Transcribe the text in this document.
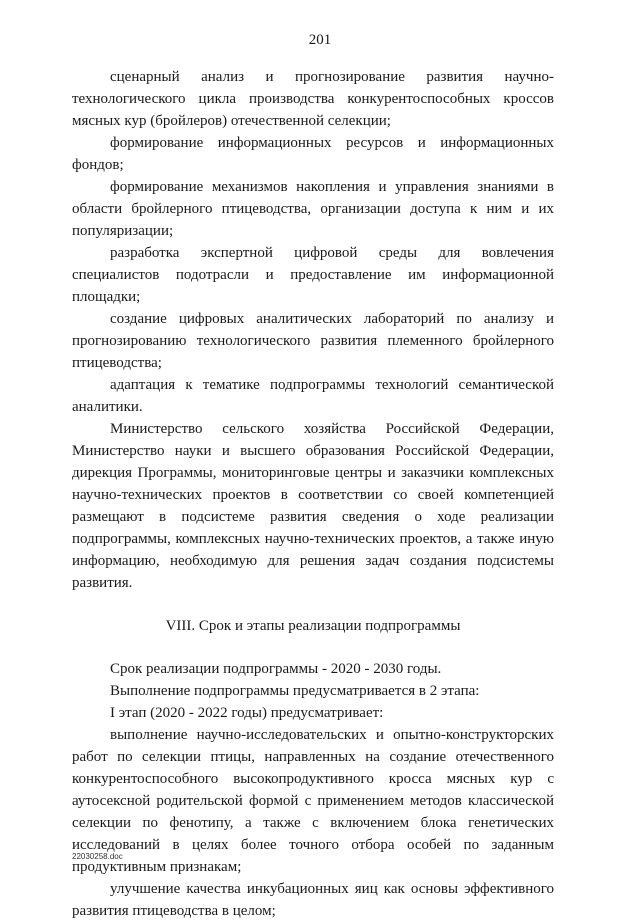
201

сценарный анализ и прогнозирование развития научно-технологического цикла производства конкурентоспособных кроссов мясных кур (бройлеров) отечественной селекции;

формирование информационных ресурсов и информационных фондов;

формирование механизмов накопления и управления знаниями в области бройлерного птицеводства, организации доступа к ним и их популяризации;

разработка экспертной цифровой среды для вовлечения специалистов подотрасли и предоставление им информационной площадки;

создание цифровых аналитических лабораторий по анализу и прогнозированию технологического развития племенного бройлерного птицеводства;

адаптация к тематике подпрограммы технологий семантической аналитики.

Министерство сельского хозяйства Российской Федерации, Министерство науки и высшего образования Российской Федерации, дирекция Программы, мониторинговые центры и заказчики комплексных научно-технических проектов в соответствии со своей компетенцией размещают в подсистеме развития сведения о ходе реализации подпрограммы, комплексных научно-технических проектов, а также иную информацию, необходимую для решения задач создания подсистемы развития.

VIII. Срок и этапы реализации подпрограммы

Срок реализации подпрограммы - 2020 - 2030 годы.

Выполнение подпрограммы предусматривается в 2 этапа:

I этап (2020 - 2022 годы) предусматривает:

выполнение научно-исследовательских и опытно-конструкторских работ по селекции птицы, направленных на создание отечественного конкурентоспособного высокопродуктивного кросса мясных кур с аутосексной родительской формой с применением методов классической селекции по фенотипу, а также с включением блока генетических исследований в целях более точного отбора особей по заданным продуктивным признакам;

улучшение качества инкубационных яиц как основы эффективного развития птицеводства в целом;

22030258.doc
